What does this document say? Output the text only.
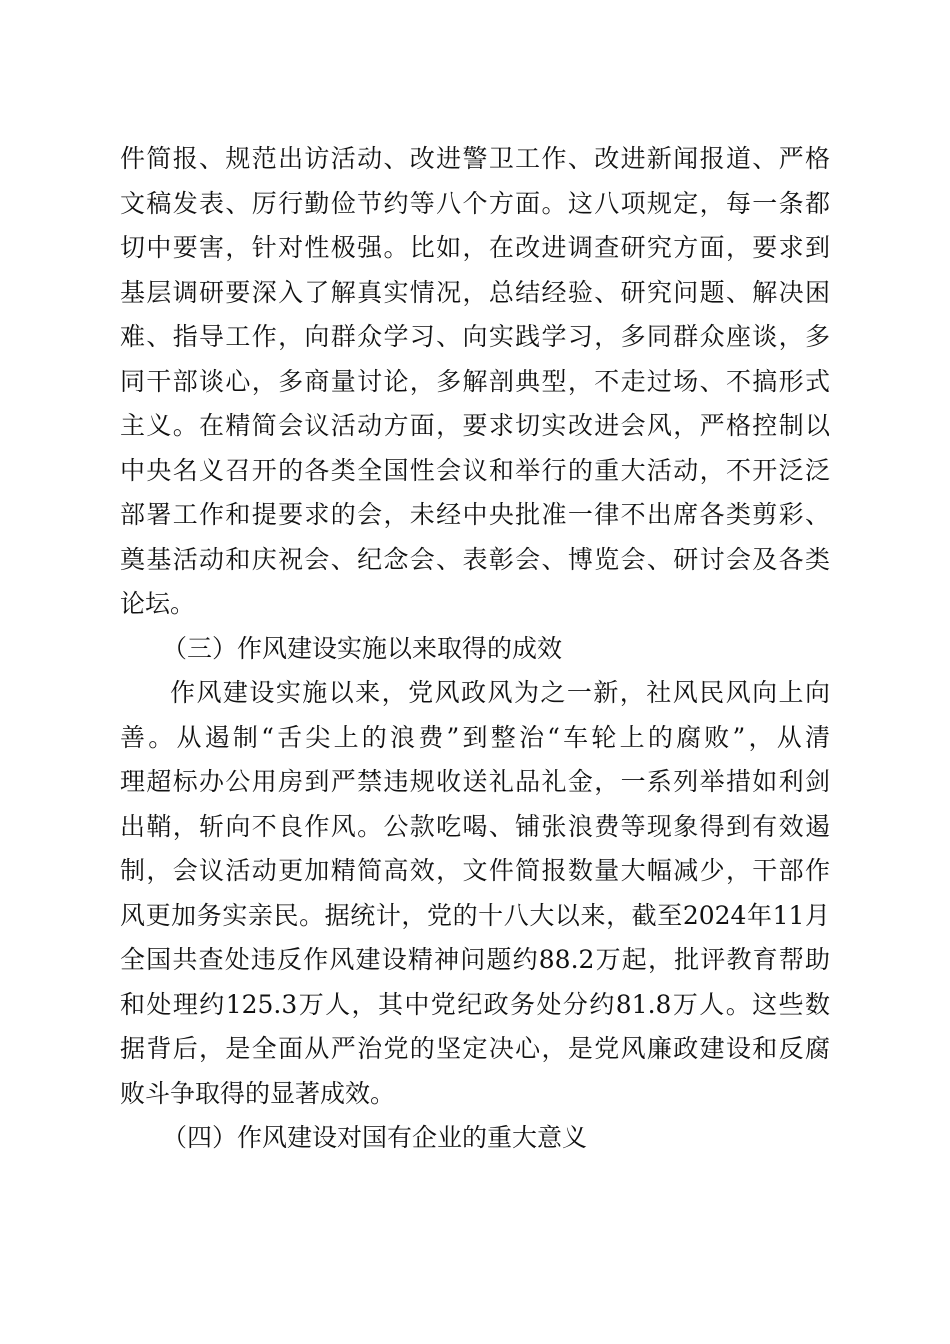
件简报、规范出访活动、改进警卫工作、改进新闻报道、严格
文稿发表、厉行勤俭节约等八个方面。这八项规定，每一条都
切中要害，针对性极强。比如，在改进调查研究方面，要求到
基层调研要深入了解真实情况，总结经验、研究问题、解决困
难、指导工作，向群众学习、向实践学习，多同群众座谈，多
同干部谈心，多商量讨论，多解剖典型，不走过场、不搞形式
主义。在精简会议活动方面，要求切实改进会风，严格控制以
中央名义召开的各类全国性会议和举行的重大活动，不开泛泛
部署工作和提要求的会，未经中央批准一律不出席各类剪彩、
奠基活动和庆祝会、纪念会、表彰会、博览会、研讨会及各类
论坛。
（三）作风建设实施以来取得的成效
作风建设实施以来，党风政风为之一新，社风民风向上向
善。从遏制“舌尖上的浪费”到整治“车轮上的腐败”，从清
理超标办公用房到严禁违规收送礼品礼金，一系列举措如利剑
出鞘，斩向不良作风。公款吃喝、铺张浪费等现象得到有效遏
制，会议活动更加精简高效，文件简报数量大幅减少，干部作
风更加务实亲民。据统计，党的十八大以来，截至2024年11月
全国共查处违反作风建设精神问题约88.2万起，批评教育帮助
和处理约125.3万人，其中党纪政务处分约81.8万人。这些数
据背后，是全面从严治党的坚定决心，是党风廉政建设和反腐
败斗争取得的显著成效。
（四）作风建设对国有企业的重大意义
